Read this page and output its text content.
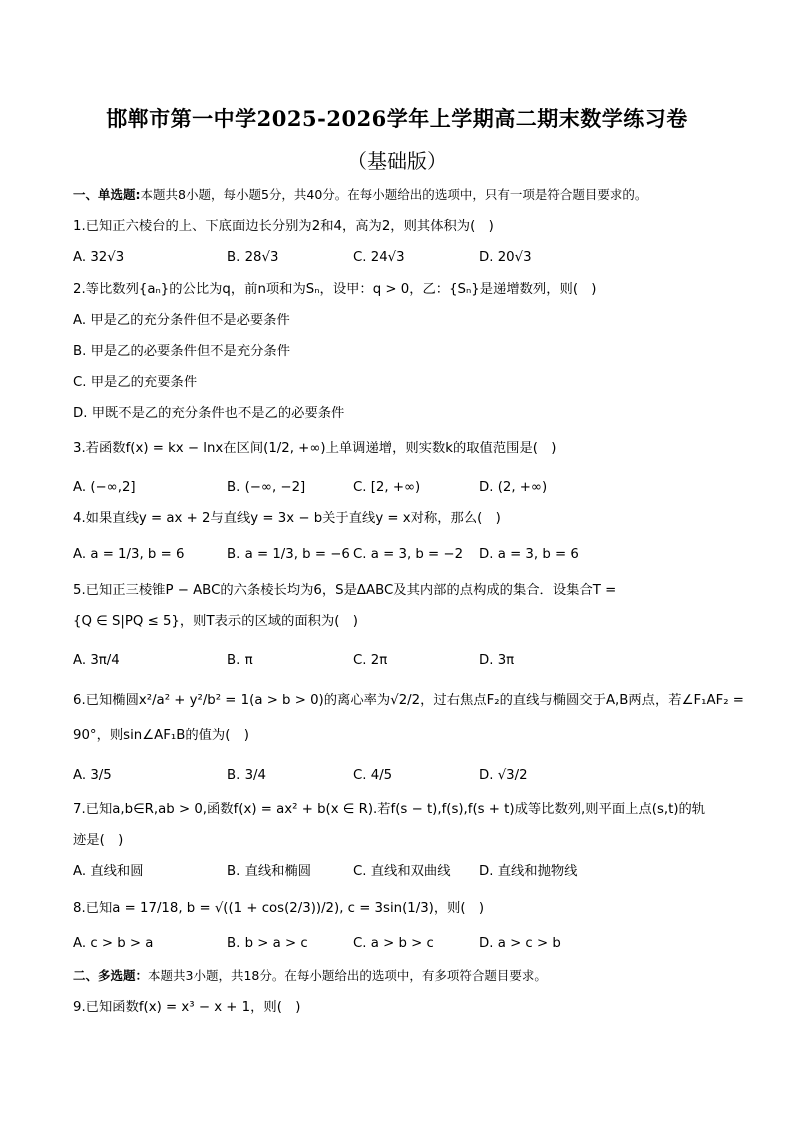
邯郸市第一中学2025-2026学年上学期高二期末数学练习卷
（基础版）
一、单选题:本题共8小题，每小题5分，共40分。在每小题给出的选项中，只有一项是符合题目要求的。
1.已知正六棱台的上、下底面边长分别为2和4，高为2，则其体积为(　)
A. 32√3	B. 28√3	C. 24√3	D. 20√3
2.等比数列{aₙ}的公比为q，前n项和为Sₙ，设甲：q > 0，乙：{Sₙ}是递增数列，则(　)
A. 甲是乙的充分条件但不是必要条件
B. 甲是乙的必要条件但不是充分条件
C. 甲是乙的充要条件
D. 甲既不是乙的充分条件也不是乙的必要条件
3.若函数f(x) = kx − lnx在区间(1/2, +∞)上单调递增，则实数k的取值范围是(　)
A. (−∞,2]	B. (−∞, −2]	C. [2, +∞)	D. (2, +∞)
4.如果直线y = ax + 2与直线y = 3x − b关于直线y = x对称，那么(　)
A. a = 1/3, b = 6	B. a = 1/3, b = −6 C. a = 3, b = −2 D. a = 3, b = 6
5.已知正三棱锥P − ABC的六条棱长均为6，S是ΔABC及其内部的点构成的集合．设集合T =
{Q ∈ S|PQ ≤ 5}，则T表示的区域的面积为(　)
A. 3π/4	B. π	C. 2π	D. 3π
6.已知椭圆x²/a² + y²/b² = 1(a > b > 0)的离心率为√2/2，过右焦点F₂的直线与椭圆交于A,B两点，若∠F₁AF₂ =
90°，则sin∠AF₁B的值为(　)
A. 3/5	B. 3/4	C. 4/5	D. √3/2
7.已知a,b∈R,ab > 0,函数f(x) = ax² + b(x ∈ R).若f(s − t),f(s),f(s + t)成等比数列,则平面上点(s,t)的轨
迹是(　)
A. 直线和圆	B. 直线和椭圆	C. 直线和双曲线 D. 直线和抛物线
8.已知a = 17/18, b = √((1 + cos(2/3))/2), c = 3sin(1/3)，则(　)
A. c > b > a	B. b > a > c	C. a > b > c	D. a > c > b
二、多选题：本题共3小题，共18分。在每小题给出的选项中，有多项符合题目要求。
9.已知函数f(x) = x³ − x + 1，则(　)
